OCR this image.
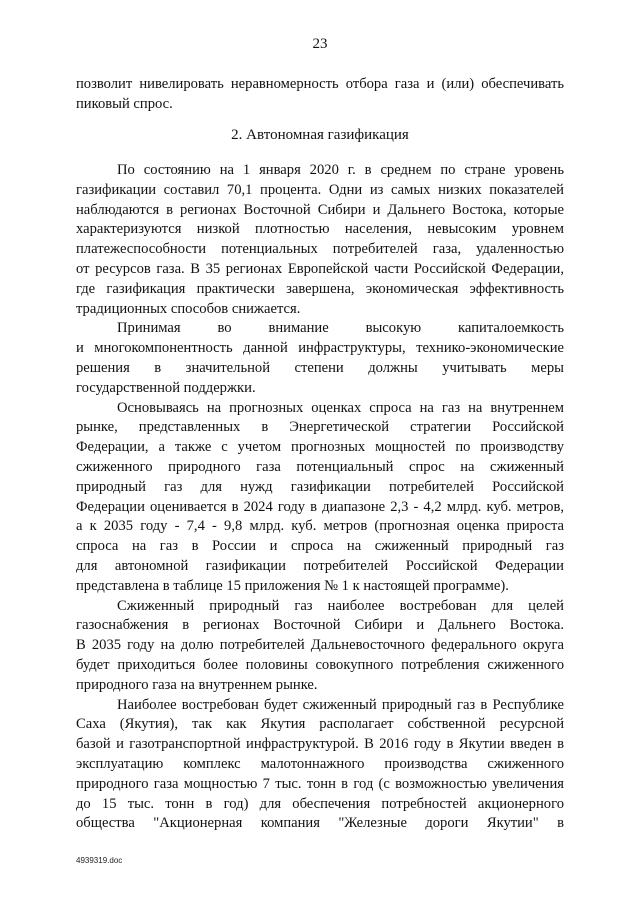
23
позволит нивелировать неравномерность отбора газа и (или) обеспечивать
пиковый спрос.
2. Автономная газификация
По состоянию на 1 января 2020 г. в среднем по стране уровень
газификации составил 70,1 процента. Одни из самых низких показателей
наблюдаются в регионах Восточной Сибири и Дальнего Востока, которые
характеризуются низкой плотностью населения, невысоким уровнем
платежеспособности потенциальных потребителей газа, удаленностью
от ресурсов газа. В 35 регионах Европейской части Российской Федерации,
где газификация практически завершена, экономическая эффективность
традиционных способов снижается.
Принимая во внимание высокую капиталоемкость
и многокомпонентность данной инфраструктуры, технико-экономические
решения в значительной степени должны учитывать меры
государственной поддержки.
Основываясь на прогнозных оценках спроса на газ на внутреннем
рынке, представленных в Энергетической стратегии Российской
Федерации, а также с учетом прогнозных мощностей по производству
сжиженного природного газа потенциальный спрос на сжиженный
природный газ для нужд газификации потребителей Российской
Федерации оценивается в 2024 году в диапазоне 2,3 - 4,2 млрд. куб. метров,
а к 2035 году - 7,4 - 9,8 млрд. куб. метров (прогнозная оценка прироста
спроса на газ в России и спроса на сжиженный природный газ
для автономной газификации потребителей Российской Федерации
представлена в таблице 15 приложения № 1 к настоящей программе).
Сжиженный природный газ наиболее востребован для целей
газоснабжения в регионах Восточной Сибири и Дальнего Востока.
В 2035 году на долю потребителей Дальневосточного федерального округа
будет приходиться более половины совокупного потребления сжиженного
природного газа на внутреннем рынке.
Наиболее востребован будет сжиженный природный газ в Республике
Саха (Якутия), так как Якутия располагает собственной ресурсной
базой и газотранспортной инфраструктурой. В 2016 году в Якутии введен в
эксплуатацию комплекс малотоннажного производства сжиженного
природного газа мощностью 7 тыс. тонн в год (с возможностью увеличения
до 15 тыс. тонн в год) для обеспечения потребностей акционерного
общества "Акционерная компания "Железные дороги Якутии" в
4939319.doc
